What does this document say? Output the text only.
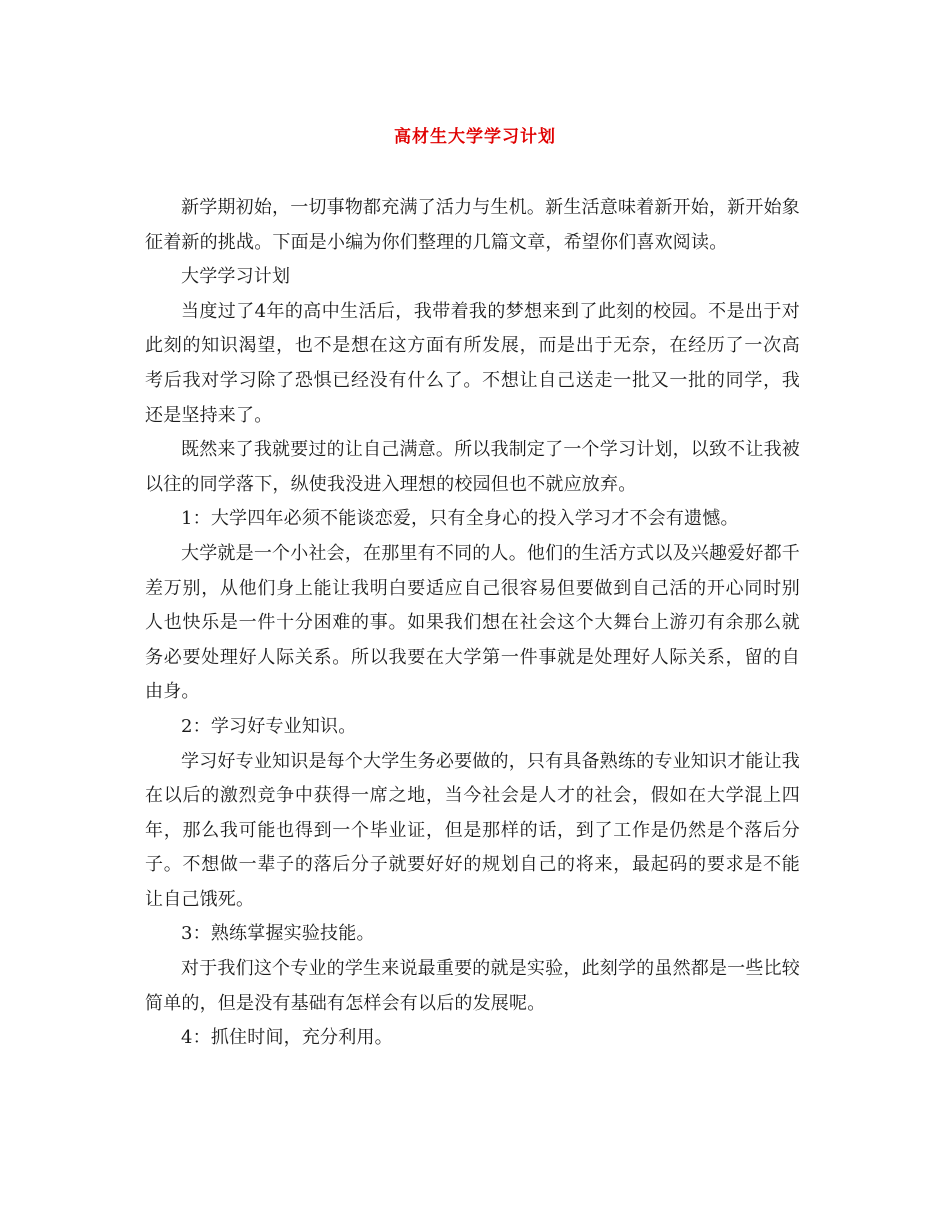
高材生大学学习计划

新学期初始，一切事物都充满了活力与生机。新生活意味着新开始，新开始象征着新的挑战。下面是小编为你们整理的几篇文章，希望你们喜欢阅读。

大学学习计划

当度过了4年的高中生活后，我带着我的梦想来到了此刻的校园。不是出于对此刻的知识渴望，也不是想在这方面有所发展，而是出于无奈，在经历了一次高考后我对学习除了恐惧已经没有什么了。不想让自己送走一批又一批的同学，我还是坚持来了。

既然来了我就要过的让自己满意。所以我制定了一个学习计划，以致不让我被以往的同学落下，纵使我没进入理想的校园但也不就应放弃。

1：大学四年必须不能谈恋爱，只有全身心的投入学习才不会有遗憾。

大学就是一个小社会，在那里有不同的人。他们的生活方式以及兴趣爱好都千差万别，从他们身上能让我明白要适应自己很容易但要做到自己活的开心同时别人也快乐是一件十分困难的事。如果我们想在社会这个大舞台上游刃有余那么就务必要处理好人际关系。所以我要在大学第一件事就是处理好人际关系，留的自由身。

2：学习好专业知识。

学习好专业知识是每个大学生务必要做的，只有具备熟练的专业知识才能让我在以后的激烈竞争中获得一席之地，当今社会是人才的社会，假如在大学混上四年，那么我可能也得到一个毕业证，但是那样的话，到了工作是仍然是个落后分子。不想做一辈子的落后分子就要好好的规划自己的将来，最起码的要求是不能让自己饿死。

3：熟练掌握实验技能。

对于我们这个专业的学生来说最重要的就是实验，此刻学的虽然都是一些比较简单的，但是没有基础有怎样会有以后的发展呢。

4：抓住时间，充分利用。
